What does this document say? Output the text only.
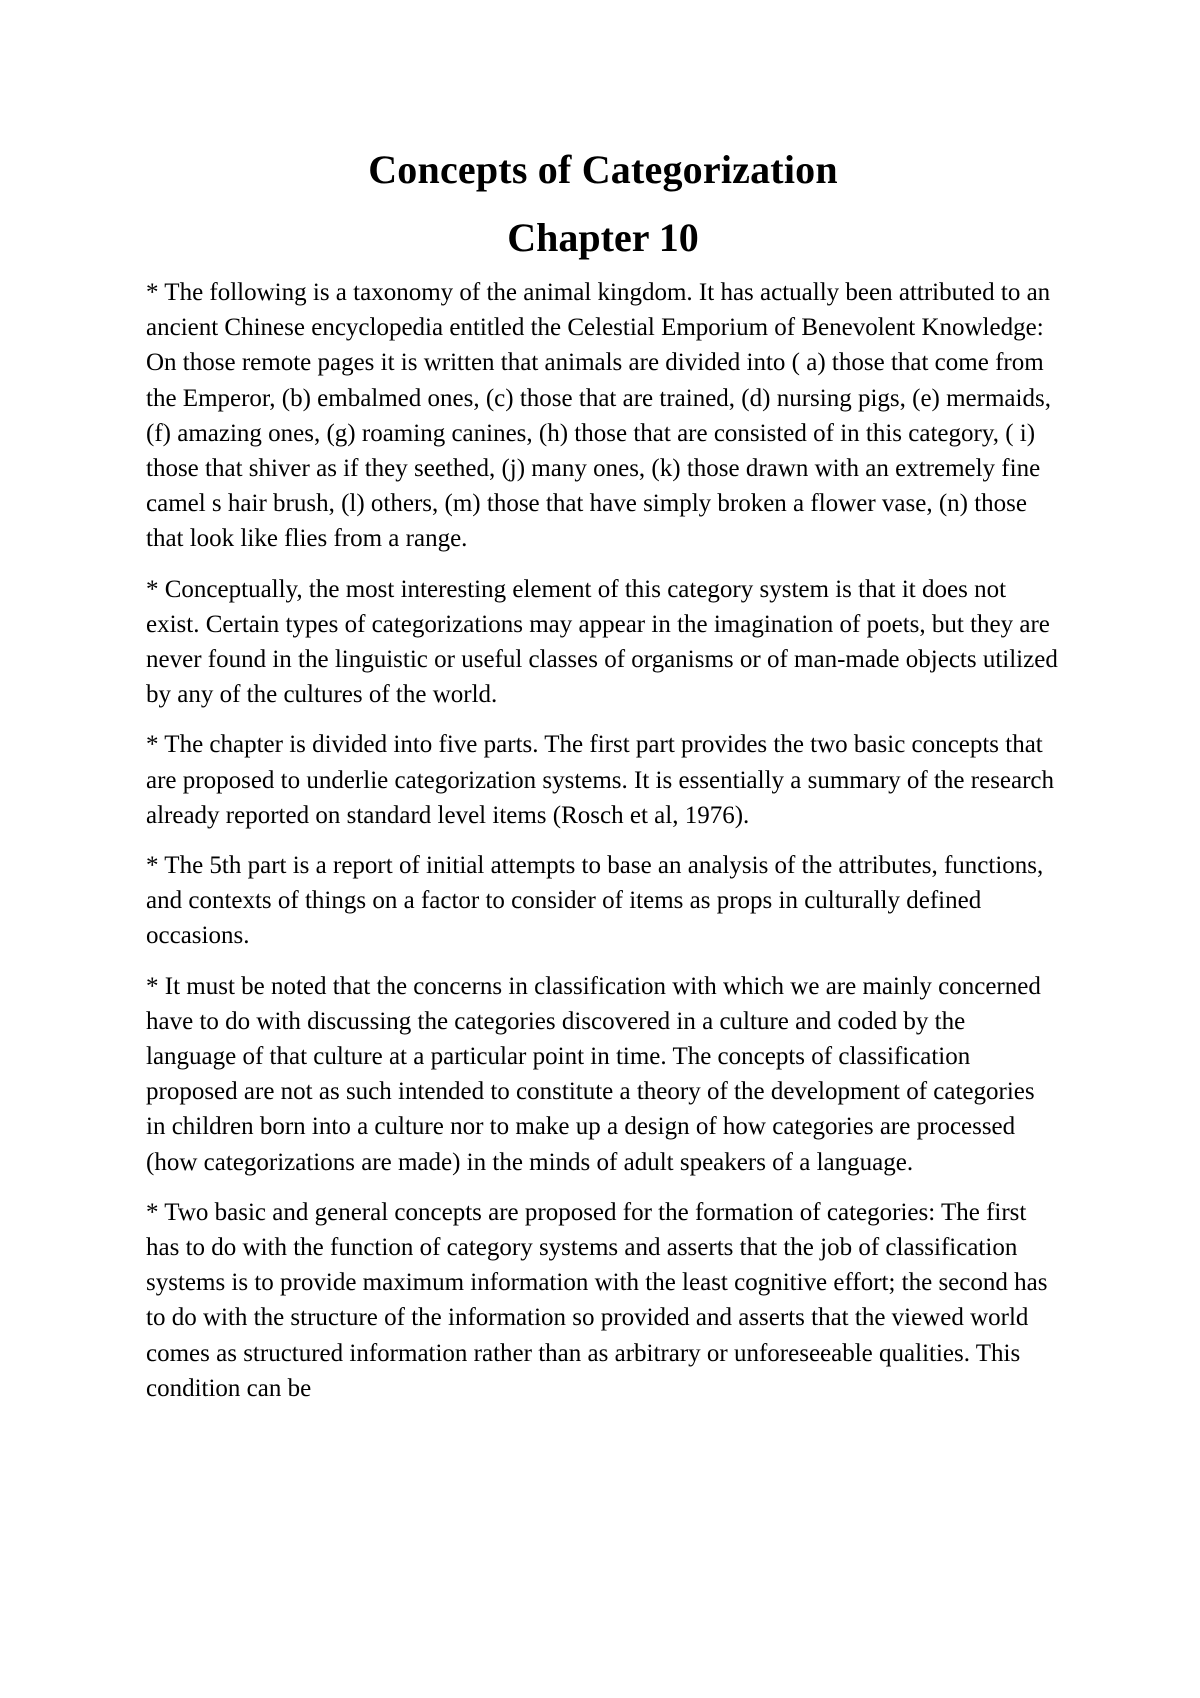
Concepts of Categorization
Chapter 10

* The following is a taxonomy of the animal kingdom. It has actually been attributed to an ancient Chinese encyclopedia entitled the Celestial Emporium of Benevolent Knowledge: On those remote pages it is written that animals are divided into ( a) those that come from the Emperor, (b) embalmed ones, (c) those that are trained, (d) nursing pigs, (e) mermaids, (f) amazing ones, (g) roaming canines, (h) those that are consisted of in this category, ( i) those that shiver as if they seethed, (j) many ones, (k) those drawn with an extremely fine camel s hair brush, (l) others, (m) those that have simply broken a flower vase, (n) those that look like flies from a range.

* Conceptually, the most interesting element of this category system is that it does not exist. Certain types of categorizations may appear in the imagination of poets, but they are never found in the linguistic or useful classes of organisms or of man-made objects utilized by any of the cultures of the world.

* The chapter is divided into five parts. The first part provides the two basic concepts that are proposed to underlie categorization systems. It is essentially a summary of the research already reported on standard level items (Rosch et al, 1976).

* The 5th part is a report of initial attempts to base an analysis of the attributes, functions, and contexts of things on a factor to consider of items as props in culturally defined occasions.

* It must be noted that the concerns in classification with which we are mainly concerned have to do with discussing the categories discovered in a culture and coded by the language of that culture at a particular point in time. The concepts of classification proposed are not as such intended to constitute a theory of the development of categories in children born into a culture nor to make up a design of how categories are processed (how categorizations are made) in the minds of adult speakers of a language.

* Two basic and general concepts are proposed for the formation of categories: The first has to do with the function of category systems and asserts that the job of classification systems is to provide maximum information with the least cognitive effort; the second has to do with the structure of the information so provided and asserts that the viewed world comes as structured information rather than as arbitrary or unforeseeable qualities. This condition can be
